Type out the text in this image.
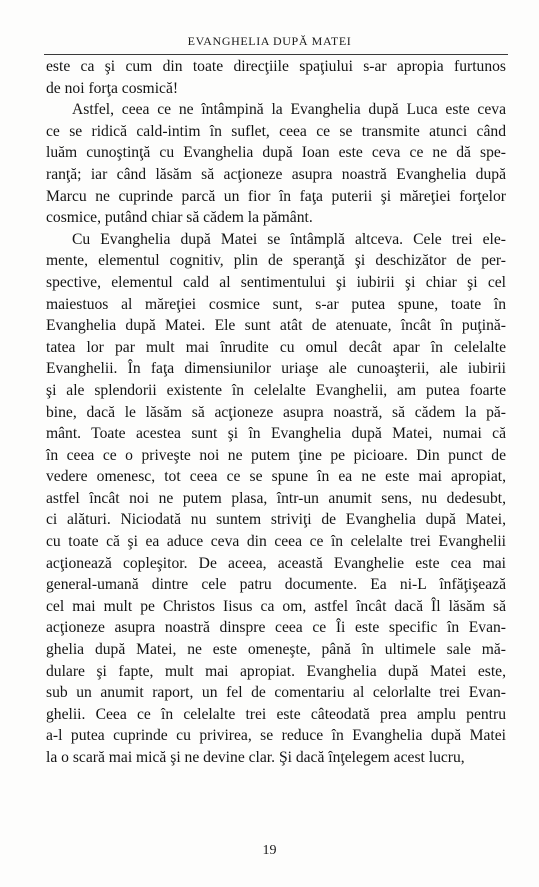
EVANGHELIA DUPĂ MATEI

este ca şi cum din toate direcţiile spaţiului s-ar apropia furtunos
de noi forţa cosmică!

Astfel, ceea ce ne întâmpină la Evanghelia după Luca este ceva
ce se ridică cald-intim în suflet, ceea ce se transmite atunci când
luăm cunoştinţă cu Evanghelia după Ioan este ceva ce ne dă spe-
ranţă; iar când lăsăm să acţioneze asupra noastră Evanghelia după
Marcu ne cuprinde parcă un fior în faţa puterii şi măreţiei forţelor
cosmice, putând chiar să cădem la pământ.

Cu Evanghelia după Matei se întâmplă altceva. Cele trei ele-
mente, elementul cognitiv, plin de speranţă şi deschizător de per-
spective, elementul cald al sentimentului şi iubirii şi chiar şi cel
maiestuos al măreţiei cosmice sunt, s-ar putea spune, toate în
Evanghelia după Matei. Ele sunt atât de atenuate, încât în puţină-
tatea lor par mult mai înrudite cu omul decât apar în celelalte
Evanghelii. În faţa dimensiunilor uriaşe ale cunoaşterii, ale iubirii
şi ale splendorii existente în celelalte Evanghelii, am putea foarte
bine, dacă le lăsăm să acţioneze asupra noastră, să cădem la pă-
mânt. Toate acestea sunt şi în Evanghelia după Matei, numai că
în ceea ce o priveşte noi ne putem ţine pe picioare. Din punct de
vedere omenesc, tot ceea ce se spune în ea ne este mai apropiat,
astfel încât noi ne putem plasa, într-un anumit sens, nu dedesubt,
ci alături. Niciodată nu suntem striviţi de Evanghelia după Matei,
cu toate că şi ea aduce ceva din ceea ce în celelalte trei Evanghelii
acţionează copleşitor. De aceea, această Evanghelie este cea mai
general-umană dintre cele patru documente. Ea ni-L înfăţişează
cel mai mult pe Christos Iisus ca om, astfel încât dacă Îl lăsăm să
acţioneze asupra noastră dinspre ceea ce Îi este specific în Evan-
ghelia după Matei, ne este omeneşte, până în ultimele sale mă-
dulare şi fapte, mult mai apropiat. Evanghelia după Matei este,
sub un anumit raport, un fel de comentariu al celorlalte trei Evan-
ghelii. Ceea ce în celelalte trei este câteodată prea amplu pentru
a-l putea cuprinde cu privirea, se reduce în Evanghelia după Matei
la o scară mai mică şi ne devine clar. Şi dacă înţelegem acest lucru,

19
